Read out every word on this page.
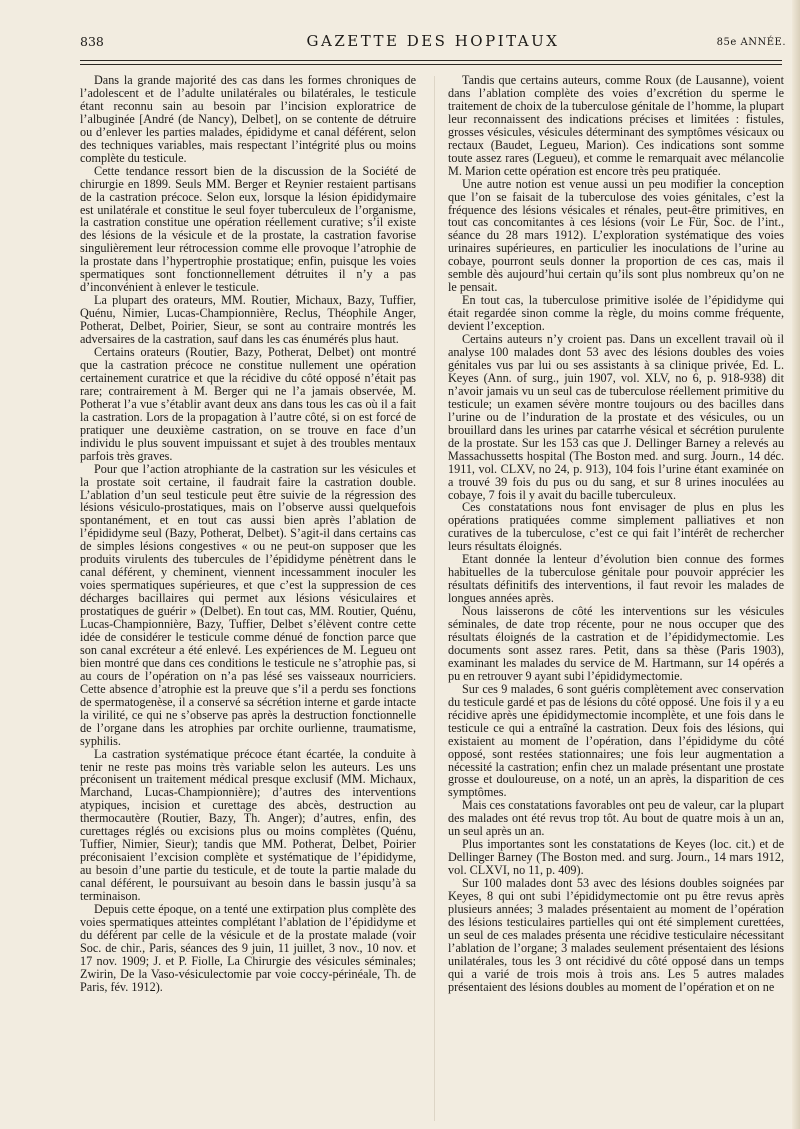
838	GAZETTE DES HOPITAUX	85e ANNÉE.

Dans la grande majorité des cas dans les formes chroniques de l’adolescent et de l’adulte unilatérales ou bilatérales, le testicule étant reconnu sain au besoin par l’incision exploratrice de l’albuginée [André (de Nancy), Delbet], on se contente de détruire ou d’enlever les parties malades, épididyme et canal déférent, selon des techniques variables, mais respectant l’intégrité plus ou moins complète du testicule.

Cette tendance ressort bien de la discussion de la Société de chirurgie en 1899. Seuls MM. Berger et Reynier restaient partisans de la castration précoce. Selon eux, lorsque la lésion épididymaire est unilatérale et constitue le seul foyer tuberculeux de l’organisme, la castration constitue une opération réellement curative; s’il existe des lésions de la vésicule et de la prostate, la castration favorise singulièrement leur rétrocession comme elle provoque l’atrophie de la prostate dans l’hypertrophie prostatique; enfin, puisque les voies spermatiques sont fonctionnellement détruites il n’y a pas d’inconvénient à enlever le testicule.

La plupart des orateurs, MM. Routier, Michaux, Bazy, Tuffier, Quénu, Nimier, Lucas-Championnière, Reclus, Théophile Anger, Potherat, Delbet, Poirier, Sieur, se sont au contraire montrés les adversaires de la castration, sauf dans les cas énumérés plus haut.

Certains orateurs (Routier, Bazy, Potherat, Delbet) ont montré que la castration précoce ne constitue nullement une opération certainement curatrice et que la récidive du côté opposé n’était pas rare; contrairement à M. Berger qui ne l’a jamais observée, M. Potherat l’a vue s’établir avant deux ans dans tous les cas où il a fait la castration. Lors de la propagation à l’autre côté, si on est forcé de pratiquer une deuxième castration, on se trouve en face d’un individu le plus souvent impuissant et sujet à des troubles mentaux parfois très graves.

Pour que l’action atrophiante de la castration sur les vésicules et la prostate soit certaine, il faudrait faire la castration double. L’ablation d’un seul testicule peut être suivie de la régression des lésions vésiculo-prostatiques, mais on l’observe aussi quelquefois spontanément, et en tout cas aussi bien après l’ablation de l’épididyme seul (Bazy, Potherat, Delbet). S’agit-il dans certains cas de simples lésions congestives « ou ne peut-on supposer que les produits virulents des tubercules de l’épididyme pénètrent dans le canal déférent, y cheminent, viennent incessamment inoculer les voies spermatiques supérieures, et que c’est la suppression de ces décharges bacillaires qui permet aux lésions vésiculaires et prostatiques de guérir » (Delbet). En tout cas, MM. Routier, Quénu, Lucas-Championnière, Bazy, Tuffier, Delbet s’élèvent contre cette idée de considérer le testicule comme dénué de fonction parce que son canal excréteur a été enlevé. Les expériences de M. Legueu ont bien montré que dans ces conditions le testicule ne s’atrophie pas, si au cours de l’opération on n’a pas lésé ses vaisseaux nourriciers. Cette absence d’atrophie est la preuve que s’il a perdu ses fonctions de spermatogenèse, il a conservé sa sécrétion interne et garde intacte la virilité, ce qui ne s’observe pas après la destruction fonctionnelle de l’organe dans les atrophies par orchite ourlienne, traumatisme, syphilis.

La castration systématique précoce étant écartée, la conduite à tenir ne reste pas moins très variable selon les auteurs. Les uns préconisent un traitement médical presque exclusif (MM. Michaux, Marchand, Lucas-Championnière); d’autres des interventions atypiques, incision et curettage des abcès, destruction au thermocautère (Routier, Bazy, Th. Anger); d’autres, enfin, des curettages réglés ou excisions plus ou moins complètes (Quénu, Tuffier, Nimier, Sieur); tandis que MM. Potherat, Delbet, Poirier préconisaient l’excision complète et systématique de l’épididyme, au besoin d’une partie du testicule, et de toute la partie malade du canal déférent, le poursuivant au besoin dans le bassin jusqu’à sa terminaison.

Depuis cette époque, on a tenté une extirpation plus complète des voies spermatiques atteintes complétant l’ablation de l’épididyme et du déférent par celle de la vésicule et de la prostate malade (voir Soc. de chir., Paris, séances des 9 juin, 11 juillet, 3 nov., 10 nov. et 17 nov. 1909; J. et P. Fiolle, La Chirurgie des vésicules séminales; Zwirin, De la Vaso-vésiculectomie par voie coccy-périnéale, Th. de Paris, fév. 1912).

Tandis que certains auteurs, comme Roux (de Lausanne), voient dans l’ablation complète des voies d’excrétion du sperme le traitement de choix de la tuberculose génitale de l’homme, la plupart leur reconnaissent des indications précises et limitées : fistules, grosses vésicules, vésicules déterminant des symptômes vésicaux ou rectaux (Baudet, Legueu, Marion). Ces indications sont somme toute assez rares (Legueu), et comme le remarquait avec mélancolie M. Marion cette opération est encore très peu pratiquée.

Une autre notion est venue aussi un peu modifier la conception que l’on se faisait de la tuberculose des voies génitales, c’est la fréquence des lésions vésicales et rénales, peut-être primitives, en tout cas concomitantes à ces lésions (voir Le Für, Soc. de l’int., séance du 28 mars 1912). L’exploration systématique des voies urinaires supérieures, en particulier les inoculations de l’urine au cobaye, pourront seuls donner la proportion de ces cas, mais il semble dès aujourd’hui certain qu’ils sont plus nombreux qu’on ne le pensait.

En tout cas, la tuberculose primitive isolée de l’épididyme qui était regardée sinon comme la règle, du moins comme fréquente, devient l’exception.

Certains auteurs n’y croient pas. Dans un excellent travail où il analyse 100 malades dont 53 avec des lésions doubles des voies génitales vus par lui ou ses assistants à sa clinique privée, Ed. L. Keyes (Ann. of surg., juin 1907, vol. XLV, no 6, p. 918-938) dit n’avoir jamais vu un seul cas de tuberculose réellement primitive du testicule; un examen sévère montre toujours ou des bacilles dans l’urine ou de l’induration de la prostate et des vésicules, ou un brouillard dans les urines par catarrhe vésical et sécrétion purulente de la prostate. Sur les 153 cas que J. Dellinger Barney a relevés au Massachussetts hospital (The Boston med. and surg. Journ., 14 déc. 1911, vol. CLXV, no 24, p. 913), 104 fois l’urine étant examinée on a trouvé 39 fois du pus ou du sang, et sur 8 urines inoculées au cobaye, 7 fois il y avait du bacille tuberculeux.

Ces constatations nous font envisager de plus en plus les opérations pratiquées comme simplement palliatives et non curatives de la tuberculose, c’est ce qui fait l’intérêt de rechercher leurs résultats éloignés.

Etant donnée la lenteur d’évolution bien connue des formes habituelles de la tuberculose génitale pour pouvoir apprécier les résultats définitifs des interventions, il faut revoir les malades de longues années après.

Nous laisserons de côté les interventions sur les vésicules séminales, de date trop récente, pour ne nous occuper que des résultats éloignés de la castration et de l’épididymectomie. Les documents sont assez rares. Petit, dans sa thèse (Paris 1903), examinant les malades du service de M. Hartmann, sur 14 opérés a pu en retrouver 9 ayant subi l’épididymectomie.

Sur ces 9 malades, 6 sont guéris complètement avec conservation du testicule gardé et pas de lésions du côté opposé. Une fois il y a eu récidive après une épididymectomie incomplète, et une fois dans le testicule ce qui a entraîné la castration. Deux fois des lésions, qui existaient au moment de l’opération, dans l’épididyme du côté opposé, sont restées stationnaires; une fois leur augmentation a nécessité la castration; enfin chez un malade présentant une prostate grosse et douloureuse, on a noté, un an après, la disparition de ces symptômes.

Mais ces constatations favorables ont peu de valeur, car la plupart des malades ont été revus trop tôt. Au bout de quatre mois à un an, un seul après un an.

Plus importantes sont les constatations de Keyes (loc. cit.) et de Dellinger Barney (The Boston med. and surg. Journ., 14 mars 1912, vol. CLXVI, no 11, p. 409).

Sur 100 malades dont 53 avec des lésions doubles soignées par Keyes, 8 qui ont subi l’épididymectomie ont pu être revus après plusieurs années; 3 malades présentaient au moment de l’opération des lésions testiculaires partielles qui ont été simplement curettées, un seul de ces malades présenta une récidive testiculaire nécessitant l’ablation de l’organe; 3 malades seulement présentaient des lésions unilatérales, tous les 3 ont récidivé du côté opposé dans un temps qui a varié de trois mois à trois ans. Les 5 autres malades présentaient des lésions doubles au moment de l’opération et on ne
